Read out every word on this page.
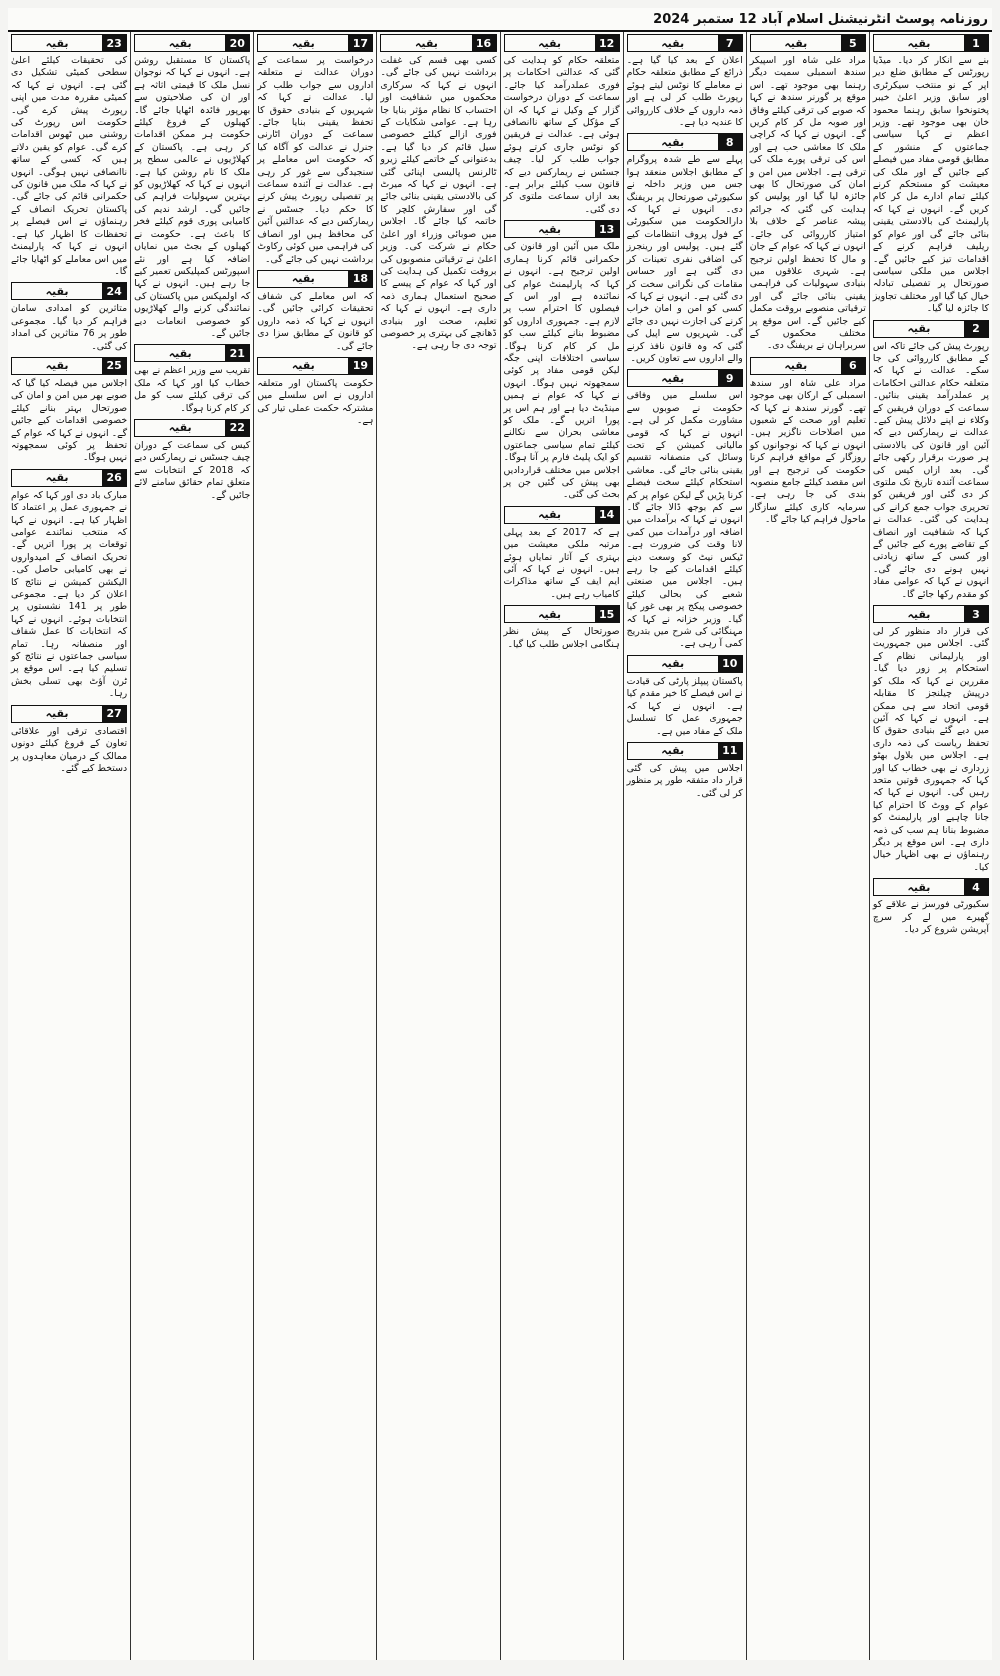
روزنامہ پوسٹ انٹرنیشنل اسلام آباد 12 ستمبر 2024
1
بقیہ
بنے سے انکار کر دیا۔ میڈیا رپورٹس کے مطابق ضلع دیر اپر کے نو منتخب سیکرٹری اور سابق وزیر اعلیٰ خیبر پختونخوا سابق رہنما محمود خان بھی موجود تھے۔ وزیر اعظم نے کہا سیاسی جماعتوں کے منشور کے مطابق قومی مفاد میں فیصلے کیے جائیں گے اور ملک کی معیشت کو مستحکم کرنے کیلئے تمام ادارے مل کر کام کریں گے۔ انہوں نے کہا کہ پارلیمنٹ کی بالادستی یقینی بنائی جائے گی اور عوام کو ریلیف فراہم کرنے کے اقدامات تیز کیے جائیں گے۔ اجلاس میں ملکی سیاسی صورتحال پر تفصیلی تبادلہ خیال کیا گیا اور مختلف تجاویز کا جائزہ لیا گیا۔
2
بقیہ
رپورٹ پیش کی جائے تاکہ اس کے مطابق کارروائی کی جا سکے۔ عدالت نے کہا کہ متعلقہ حکام عدالتی احکامات پر عملدرآمد یقینی بنائیں۔ سماعت کے دوران فریقین کے وکلاء نے اپنے دلائل پیش کیے۔ عدالت نے ریمارکس دیے کہ آئین اور قانون کی بالادستی ہر صورت برقرار رکھی جائے گی۔ بعد ازاں کیس کی سماعت آئندہ تاریخ تک ملتوی کر دی گئی اور فریقین کو تحریری جواب جمع کرانے کی ہدایت کی گئی۔ عدالت نے کہا کہ شفافیت اور انصاف کے تقاضے پورے کیے جائیں گے اور کسی کے ساتھ زیادتی نہیں ہونے دی جائے گی۔ انہوں نے کہا کہ عوامی مفاد کو مقدم رکھا جائے گا۔
3
بقیہ
کی قرار داد منظور کر لی گئی۔ اجلاس میں جمہوریت اور پارلیمانی نظام کے استحکام پر زور دیا گیا۔ مقررین نے کہا کہ ملک کو درپیش چیلنجز کا مقابلہ قومی اتحاد سے ہی ممکن ہے۔ انہوں نے کہا کہ آئین میں دیے گئے بنیادی حقوق کا تحفظ ریاست کی ذمہ داری ہے۔ اجلاس میں بلاول بھٹو زرداری نے بھی خطاب کیا اور کہا کہ جمہوری قوتیں متحد رہیں گی۔ انہوں نے کہا کہ عوام کے ووٹ کا احترام کیا جانا چاہیے اور پارلیمنٹ کو مضبوط بنانا ہم سب کی ذمہ داری ہے۔ اس موقع پر دیگر رہنماؤں نے بھی اظہار خیال کیا۔
4
بقیہ
سکیورٹی فورسز نے علاقے کو گھیرے میں لے کر سرچ آپریشن شروع کر دیا۔
5
بقیہ
مراد علی شاہ اور اسپیکر سندھ اسمبلی سمیت دیگر رہنما بھی موجود تھے۔ اس موقع پر گورنر سندھ نے کہا کہ صوبے کی ترقی کیلئے وفاق اور صوبہ مل کر کام کریں گے۔ انہوں نے کہا کہ کراچی ملک کا معاشی حب ہے اور اس کی ترقی پورے ملک کی ترقی ہے۔ اجلاس میں امن و امان کی صورتحال کا بھی جائزہ لیا گیا اور پولیس کو ہدایت کی گئی کہ جرائم پیشہ عناصر کے خلاف بلا امتیاز کارروائی کی جائے۔ انہوں نے کہا کہ عوام کے جان و مال کا تحفظ اولین ترجیح ہے۔ شہری علاقوں میں بنیادی سہولیات کی فراہمی یقینی بنائی جائے گی اور ترقیاتی منصوبے بروقت مکمل کیے جائیں گے۔ اس موقع پر مختلف محکموں کے سربراہان نے بریفنگ دی۔
6
بقیہ
مراد علی شاہ اور سندھ اسمبلی کے ارکان بھی موجود تھے۔ گورنر سندھ نے کہا کہ تعلیم اور صحت کے شعبوں میں اصلاحات ناگزیر ہیں۔ انہوں نے کہا کہ نوجوانوں کو روزگار کے مواقع فراہم کرنا حکومت کی ترجیح ہے اور اس مقصد کیلئے جامع منصوبہ بندی کی جا رہی ہے۔ سرمایہ کاری کیلئے سازگار ماحول فراہم کیا جائے گا۔
7
بقیہ
اعلان کے بعد کیا گیا ہے۔ ذرائع کے مطابق متعلقہ حکام نے معاملے کا نوٹس لیتے ہوئے رپورٹ طلب کر لی ہے اور ذمہ داروں کے خلاف کارروائی کا عندیہ دیا ہے۔
8
بقیہ
پہلے سے طے شدہ پروگرام کے مطابق اجلاس منعقد ہوا جس میں وزیر داخلہ نے سکیورٹی صورتحال پر بریفنگ دی۔ انہوں نے کہا کہ دارالحکومت میں سکیورٹی کے فول پروف انتظامات کیے گئے ہیں۔ پولیس اور رینجرز کی اضافی نفری تعینات کر دی گئی ہے اور حساس مقامات کی نگرانی سخت کر دی گئی ہے۔ انہوں نے کہا کہ کسی کو امن و امان خراب کرنے کی اجازت نہیں دی جائے گی۔ شہریوں سے اپیل کی گئی کہ وہ قانون نافذ کرنے والے اداروں سے تعاون کریں۔
9
بقیہ
اس سلسلے میں وفاقی حکومت نے صوبوں سے مشاورت مکمل کر لی ہے۔ انہوں نے کہا کہ قومی مالیاتی کمیشن کے تحت وسائل کی منصفانہ تقسیم یقینی بنائی جائے گی۔ معاشی استحکام کیلئے سخت فیصلے کرنا پڑیں گے لیکن عوام پر کم سے کم بوجھ ڈالا جائے گا۔ انہوں نے کہا کہ برآمدات میں اضافہ اور درآمدات میں کمی لانا وقت کی ضرورت ہے۔ ٹیکس نیٹ کو وسعت دینے کیلئے اقدامات کیے جا رہے ہیں۔ اجلاس میں صنعتی شعبے کی بحالی کیلئے خصوصی پیکج پر بھی غور کیا گیا۔ وزیر خزانہ نے کہا کہ مہنگائی کی شرح میں بتدریج کمی آ رہی ہے۔
10
بقیہ
پاکستان پیپلز پارٹی کی قیادت نے اس فیصلے کا خیر مقدم کیا ہے۔ انہوں نے کہا کہ جمہوری عمل کا تسلسل ملک کے مفاد میں ہے۔
11
بقیہ
اجلاس میں پیش کی گئی قرار داد متفقہ طور پر منظور کر لی گئی۔
12
بقیہ
متعلقہ حکام کو ہدایت کی گئی کہ عدالتی احکامات پر فوری عملدرآمد کیا جائے۔ سماعت کے دوران درخواست گزار کے وکیل نے کہا کہ ان کے مؤکل کے ساتھ ناانصافی ہوئی ہے۔ عدالت نے فریقین کو نوٹس جاری کرتے ہوئے جواب طلب کر لیا۔ چیف جسٹس نے ریمارکس دیے کہ قانون سب کیلئے برابر ہے۔ بعد ازاں سماعت ملتوی کر دی گئی۔
13
بقیہ
ملک میں آئین اور قانون کی حکمرانی قائم کرنا ہماری اولین ترجیح ہے۔ انہوں نے کہا کہ پارلیمنٹ عوام کی نمائندہ ہے اور اس کے فیصلوں کا احترام سب پر لازم ہے۔ جمہوری اداروں کو مضبوط بنانے کیلئے سب کو مل کر کام کرنا ہوگا۔ سیاسی اختلافات اپنی جگہ لیکن قومی مفاد پر کوئی سمجھوتہ نہیں ہوگا۔ انہوں نے کہا کہ عوام نے ہمیں مینڈیٹ دیا ہے اور ہم اس پر پورا اتریں گے۔ ملک کو معاشی بحران سے نکالنے کیلئے تمام سیاسی جماعتوں کو ایک پلیٹ فارم پر آنا ہوگا۔ اجلاس میں مختلف قراردادیں بھی پیش کی گئیں جن پر بحث کی گئی۔
14
بقیہ
ہے کہ 2017 کے بعد پہلی مرتبہ ملکی معیشت میں بہتری کے آثار نمایاں ہوئے ہیں۔ انہوں نے کہا کہ آئی ایم ایف کے ساتھ مذاکرات کامیاب رہے ہیں۔
15
بقیہ
صورتحال کے پیش نظر ہنگامی اجلاس طلب کیا گیا۔
16
بقیہ
کسی بھی قسم کی غفلت برداشت نہیں کی جائے گی۔ انہوں نے کہا کہ سرکاری محکموں میں شفافیت اور احتساب کا نظام مؤثر بنایا جا رہا ہے۔ عوامی شکایات کے فوری ازالے کیلئے خصوصی سیل قائم کر دیا گیا ہے۔ بدعنوانی کے خاتمے کیلئے زیرو ٹالرنس پالیسی اپنائی گئی ہے۔ انہوں نے کہا کہ میرٹ کی بالادستی یقینی بنائی جائے گی اور سفارش کلچر کا خاتمہ کیا جائے گا۔ اجلاس میں صوبائی وزراء اور اعلیٰ حکام نے شرکت کی۔ وزیر اعلیٰ نے ترقیاتی منصوبوں کی بروقت تکمیل کی ہدایت کی اور کہا کہ عوام کے پیسے کا صحیح استعمال ہماری ذمہ داری ہے۔ انہوں نے کہا کہ تعلیم، صحت اور بنیادی ڈھانچے کی بہتری پر خصوصی توجہ دی جا رہی ہے۔
17
بقیہ
درخواست پر سماعت کے دوران عدالت نے متعلقہ اداروں سے جواب طلب کر لیا۔ عدالت نے کہا کہ شہریوں کے بنیادی حقوق کا تحفظ یقینی بنایا جائے۔ سماعت کے دوران اٹارنی جنرل نے عدالت کو آگاہ کیا کہ حکومت اس معاملے پر سنجیدگی سے غور کر رہی ہے۔ عدالت نے آئندہ سماعت پر تفصیلی رپورٹ پیش کرنے کا حکم دیا۔ جسٹس نے ریمارکس دیے کہ عدالتیں آئین کی محافظ ہیں اور انصاف کی فراہمی میں کوئی رکاوٹ برداشت نہیں کی جائے گی۔
18
بقیہ
کہ اس معاملے کی شفاف تحقیقات کرائی جائیں گی۔ انہوں نے کہا کہ ذمہ داروں کو قانون کے مطابق سزا دی جائے گی۔
19
بقیہ
حکومت پاکستان اور متعلقہ اداروں نے اس سلسلے میں مشترکہ حکمت عملی تیار کی ہے۔
20
بقیہ
پاکستان کا مستقبل روشن ہے۔ انہوں نے کہا کہ نوجوان نسل ملک کا قیمتی اثاثہ ہے اور ان کی صلاحیتوں سے بھرپور فائدہ اٹھایا جائے گا۔ کھیلوں کے فروغ کیلئے حکومت ہر ممکن اقدامات کر رہی ہے۔ پاکستان کے کھلاڑیوں نے عالمی سطح پر ملک کا نام روشن کیا ہے۔ انہوں نے کہا کہ کھلاڑیوں کو بہترین سہولیات فراہم کی جائیں گی۔ ارشد ندیم کی کامیابی پوری قوم کیلئے فخر کا باعث ہے۔ حکومت نے کھیلوں کے بجٹ میں نمایاں اضافہ کیا ہے اور نئے اسپورٹس کمپلیکس تعمیر کیے جا رہے ہیں۔ انہوں نے کہا کہ اولمپکس میں پاکستان کی نمائندگی کرنے والے کھلاڑیوں کو خصوصی انعامات دیے جائیں گے۔
21
بقیہ
تقریب سے وزیر اعظم نے بھی خطاب کیا اور کہا کہ ملک کی ترقی کیلئے سب کو مل کر کام کرنا ہوگا۔
22
بقیہ
کیس کی سماعت کے دوران چیف جسٹس نے ریمارکس دیے کہ 2018 کے انتخابات سے متعلق تمام حقائق سامنے لائے جائیں گے۔
23
بقیہ
کی تحقیقات کیلئے اعلیٰ سطحی کمیٹی تشکیل دی گئی ہے۔ انہوں نے کہا کہ کمیٹی مقررہ مدت میں اپنی رپورٹ پیش کرے گی۔ حکومت اس رپورٹ کی روشنی میں ٹھوس اقدامات کرے گی۔ عوام کو یقین دلاتے ہیں کہ کسی کے ساتھ ناانصافی نہیں ہوگی۔ انہوں نے کہا کہ ملک میں قانون کی حکمرانی قائم کی جائے گی۔ پاکستان تحریک انصاف کے رہنماؤں نے اس فیصلے پر تحفظات کا اظہار کیا ہے۔ انہوں نے کہا کہ پارلیمنٹ میں اس معاملے کو اٹھایا جائے گا۔
24
بقیہ
متاثرین کو امدادی سامان فراہم کر دیا گیا۔ مجموعی طور پر 76 متاثرین کی امداد کی گئی۔
25
بقیہ
اجلاس میں فیصلہ کیا گیا کہ صوبے بھر میں امن و امان کی صورتحال بہتر بنانے کیلئے خصوصی اقدامات کیے جائیں گے۔ انہوں نے کہا کہ عوام کے تحفظ پر کوئی سمجھوتہ نہیں ہوگا۔
26
بقیہ
مبارک باد دی اور کہا کہ عوام نے جمہوری عمل پر اعتماد کا اظہار کیا ہے۔ انہوں نے کہا کہ منتخب نمائندے عوامی توقعات پر پورا اتریں گے۔ تحریک انصاف کے امیدواروں نے بھی کامیابی حاصل کی۔ الیکشن کمیشن نے نتائج کا اعلان کر دیا ہے۔ مجموعی طور پر 141 نشستوں پر انتخابات ہوئے۔ انہوں نے کہا کہ انتخابات کا عمل شفاف اور منصفانہ رہا۔ تمام سیاسی جماعتوں نے نتائج کو تسلیم کیا ہے۔ اس موقع پر ٹرن آؤٹ بھی تسلی بخش رہا۔
27
بقیہ
اقتصادی ترقی اور علاقائی تعاون کے فروغ کیلئے دونوں ممالک کے درمیان معاہدوں پر دستخط کیے گئے۔
